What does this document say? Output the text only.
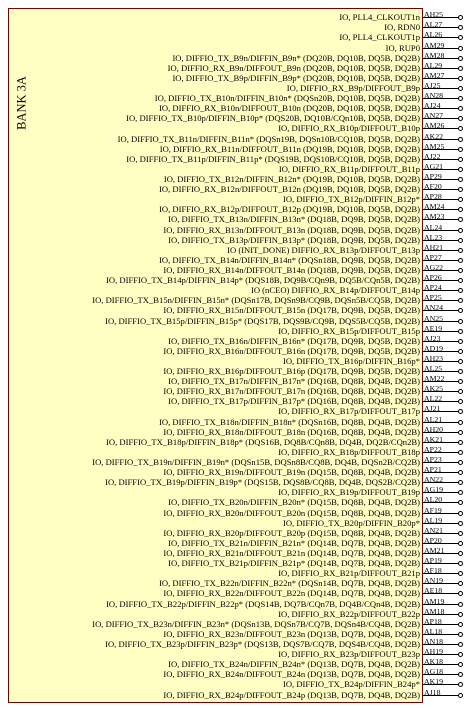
BANK 3A
IO, PLL4_CLKOUT1n AH25
IO, RDN0 AL27
IO, PLL4_CLKOUT1p AL26
IO, RUP0 AM29
IO, DIFFIO_TX_B9n/DIFFIN_B9n* (DQ20B, DQ10B, DQ5B, DQ2B) AM28
IO, DIFFIO_RX_B9n/DIFFOUT_B9n (DQ20B, DQ10B, DQ5B, DQ2B) AL29
IO, DIFFIO_TX_B9p/DIFFIN_B9p* (DQ20B, DQ10B, DQ5B, DQ2B) AM27
IO, DIFFIO_RX_B9p/DIFFOUT_B9p AJ25
IO, DIFFIO_TX_B10n/DIFFIN_B10n* (DQSn20B, DQ10B, DQ5B, DQ2B) AN28
IO, DIFFIO_RX_B10n/DIFFOUT_B10n (DQ20B, DQ10B, DQ5B, DQ2B) AJ24
IO, DIFFIO_TX_B10p/DIFFIN_B10p* (DQS20B, DQ10B/CQn10B, DQ5B, DQ2B) AN27
IO, DIFFIO_RX_B10p/DIFFOUT_B10p AM26
IO, DIFFIO_TX_B11n/DIFFIN_B11n* (DQSn19B, DQSn10B/CQ10B, DQ5B, DQ2B) AK22
IO, DIFFIO_RX_B11n/DIFFOUT_B11n (DQ19B, DQ10B, DQ5B, DQ2B) AM25
IO, DIFFIO_TX_B11p/DIFFIN_B11p* (DQS19B, DQS10B/CQ10B, DQ5B, DQ2B) AJ22
IO, DIFFIO_RX_B11p/DIFFOUT_B11p AG21
IO, DIFFIO_TX_B12n/DIFFIN_B12n* (DQ19B, DQ10B, DQ5B, DQ2B) AP29
IO, DIFFIO_RX_B12n/DIFFOUT_B12n (DQ19B, DQ10B, DQ5B, DQ2B) AF20
IO, DIFFIO_TX_B12p/DIFFIN_B12p* AP28
IO, DIFFIO_RX_B12p/DIFFOUT_B12p (DQ19B, DQ10B, DQ5B, DQ2B) AM24
IO, DIFFIO_TX_B13n/DIFFIN_B13n* (DQ18B, DQ9B, DQ5B, DQ2B) AM23
IO, DIFFIO_RX_B13n/DIFFOUT_B13n (DQ18B, DQ9B, DQ5B, DQ2B) AL24
IO, DIFFIO_TX_B13p/DIFFIN_B13p* (DQ18B, DQ9B, DQ5B, DQ2B) AL23
IO (INIT_DONE) DIFFIO_RX_B13p/DIFFOUT_B13p AH21
IO, DIFFIO_TX_B14n/DIFFIN_B14n* (DQSn18B, DQ9B, DQ5B, DQ2B) AP27
IO, DIFFIO_RX_B14n/DIFFOUT_B14n (DQ18B, DQ9B, DQ5B, DQ2B) AG22
IO, DIFFIO_TX_B14p/DIFFIN_B14p* (DQS18B, DQ9B/CQn9B, DQ5B/CQn5B, DQ2B) AP26
IO (nCEO) DIFFIO_RX_B14p/DIFFOUT_B14p AP24
IO, DIFFIO_TX_B15n/DIFFIN_B15n* (DQSn17B, DQSn9B/CQ9B, DQSn5B/CQ5B, DQ2B) AP25
IO, DIFFIO_RX_B15n/DIFFOUT_B15n (DQ17B, DQ9B, DQ5B, DQ2B) AN24
IO, DIFFIO_TX_B15p/DIFFIN_B15p* (DQS17B, DQS9B/CQ9B, DQS5B/CQ5B, DQ2B) AN25
IO, DIFFIO_RX_B15p/DIFFOUT_B15p AE19
IO, DIFFIO_TX_B16n/DIFFIN_B16n* (DQ17B, DQ9B, DQ5B, DQ2B) AJ23
IO, DIFFIO_RX_B16n/DIFFOUT_B16n (DQ17B, DQ9B, DQ5B, DQ2B) AD19
IO, DIFFIO_TX_B16p/DIFFIN_B16p* AH23
IO, DIFFIO_RX_B16p/DIFFOUT_B16p (DQ17B, DQ9B, DQ5B, DQ2B) AL25
IO, DIFFIO_TX_B17n/DIFFIN_B17n* (DQ16B, DQ8B, DQ4B, DQ2B) AM22
IO, DIFFIO_RX_B17n/DIFFOUT_B17n (DQ16B, DQ8B, DQ4B, DQ2B) AK25
IO, DIFFIO_TX_B17p/DIFFIN_B17p* (DQ16B, DQ8B, DQ4B, DQ2B) AL22
IO, DIFFIO_RX_B17p/DIFFOUT_B17p AJ21
IO, DIFFIO_TX_B18n/DIFFIN_B18n* (DQSn16B, DQ8B, DQ4B, DQ2B) AL21
IO, DIFFIO_RX_B18n/DIFFOUT_B18n (DQ16B, DQ8B, DQ4B, DQ2B) AH20
IO, DIFFIO_TX_B18p/DIFFIN_B18p* (DQS16B, DQ8B/CQn8B, DQ4B, DQ2B/CQn2B) AK21
IO, DIFFIO_RX_B18p/DIFFOUT_B18p AP22
IO, DIFFIO_TX_B19n/DIFFIN_B19n* (DQSn15B, DQSn8B/CQ8B, DQ4B, DQSn2B/CQ2B) AP23
IO, DIFFIO_RX_B19n/DIFFOUT_B19n (DQ15B, DQ8B, DQ4B, DQ2B) AP21
IO, DIFFIO_TX_B19p/DIFFIN_B19p* (DQS15B, DQS8B/CQ8B, DQ4B, DQS2B/CQ2B) AN22
IO, DIFFIO_RX_B19p/DIFFOUT_B19p AG19
IO, DIFFIO_TX_B20n/DIFFIN_B20n* (DQ15B, DQ8B, DQ4B, DQ2B) AL20
IO, DIFFIO_RX_B20n/DIFFOUT_B20n (DQ15B, DQ8B, DQ4B, DQ2B) AF19
IO, DIFFIO_TX_B20p/DIFFIN_B20p* AL19
IO, DIFFIO_RX_B20p/DIFFOUT_B20p (DQ15B, DQ8B, DQ4B, DQ2B) AN21
IO, DIFFIO_TX_B21n/DIFFIN_B21n* (DQ14B, DQ7B, DQ4B, DQ2B) AP20
IO, DIFFIO_RX_B21n/DIFFOUT_B21n (DQ14B, DQ7B, DQ4B, DQ2B) AM21
IO, DIFFIO_TX_B21p/DIFFIN_B21p* (DQ14B, DQ7B, DQ4B, DQ2B) AP19
IO, DIFFIO_RX_B21p/DIFFOUT_B21p AF18
IO, DIFFIO_TX_B22n/DIFFIN_B22n* (DQSn14B, DQ7B, DQ4B, DQ2B) AN19
IO, DIFFIO_RX_B22n/DIFFOUT_B22n (DQ14B, DQ7B, DQ4B, DQ2B) AE18
IO, DIFFIO_TX_B22p/DIFFIN_B22p* (DQS14B, DQ7B/CQn7B, DQ4B/CQn4B, DQ2B) AM19
IO, DIFFIO_RX_B22p/DIFFOUT_B22p AM18
IO, DIFFIO_TX_B23n/DIFFIN_B23n* (DQSn13B, DQSn7B/CQ7B, DQSn4B/CQ4B, DQ2B) AP18
IO, DIFFIO_RX_B23n/DIFFOUT_B23n (DQ13B, DQ7B, DQ4B, DQ2B) AL18
IO, DIFFIO_TX_B23p/DIFFIN_B23p* (DQS13B, DQS7B/CQ7B, DQS4B/CQ4B, DQ2B) AN18
IO, DIFFIO_RX_B23p/DIFFOUT_B23p AH19
IO, DIFFIO_TX_B24n/DIFFIN_B24n* (DQ13B, DQ7B, DQ4B, DQ2B) AK18
IO, DIFFIO_RX_B24n/DIFFOUT_B24n (DQ13B, DQ7B, DQ4B, DQ2B) AG18
IO, DIFFIO_TX_B24p/DIFFIN_B24p* AK19
IO, DIFFIO_RX_B24p/DIFFOUT_B24p (DQ13B, DQ7B, DQ4B, DQ2B) AJ18
